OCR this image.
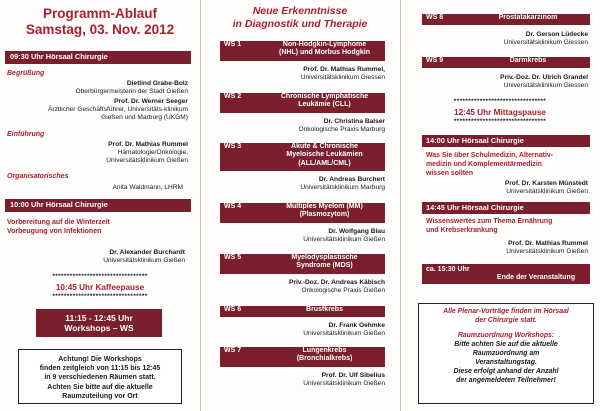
Programm-Ablauf
Samstag, 03. Nov. 2012
09:30 Uhr Hörsaal Chirurgie
Begrüßung
Dietlind Grabe-Bolz
Oberbürgermeisterin der Stadt Gießen
Prof. Dr. Werner Seeger
Ärztlicher Geschäftsführer, Universitäts-klinikum
Gießen und Marburg (UKGM)
Einführung
Prof. Dr. Mathias Rummel
Hämatologie/Onkologie,
Universitätsklinikum Gießen
Organisatorisches
Anita Waldmann, LHRM
10:00 Uhr Hörsaal Chirurgie
Vorbereitung auf die Winterzeit
Vorbeugung von Infektionen
Dr. Alexander Burchardt
Universitätsklinikum Gießen
*********************************
10:45 Uhr Kaffeepause
*********************************
11:15 - 12:45 Uhr
Workshops – WS
Achtung! Die Workshops
finden zeitgleich von 11:15 bis 12:45
in 9 verschiedenen Räumen statt.
Achten Sie bitte auf die aktuelle
Raumzuteilung vor Ort
Neue Erkenntnisse
in Diagnostik und Therapie
WS 1	Non-Hodgkin-Lymphome
(NHL) und Morbus Hodgkin
Prof. Dr. Mathias Rummel,
Universitätsklinikum Giessen
WS 2	Chronische Lymphatische
Leukämie (CLL)
Dr. Christina Balser
Onkologische Praxis Marburg
WS 3	Akute & Chronische
Myeloische Leukämien
(ALL/AML/CML)
Dr. Andreas Burchert
Universitätsklinikum Marburg
WS 4	Multiples Myelom (MM)
(Plasmozytom)
Dr. Wolfgang Blau
Universitätsklinikum Gießen
WS 5	Myelodysplastische
Syndrome (MDS)
Priv.-Doz. Dr. Andreas Käbisch
Onkologische Praxis Gießen
WS 6	Brustkrebs
Dr. Frank Oehmke
Universitätsklinikum Gießen
WS 7	Lungenkrebs
(Bronchialkrebs)
Prof. Dr. Ulf Sibelius
Universitätsklinikum Gießen
WS 8	Prostatakarzinom
Dr. Gerson Lüdecke
Universitätsklinikum Giessen
WS 9	Darmkrebs
Priv.-Doz. Dr. Ulrich Grandel
Universitätsklinikum Giessen
********************************
12:45 Uhr Mittagspause
********************************
14:00 Uhr Hörsaal Chirurgie
Was Sie über Schulmedizin, Alternativ-
medizin und Komplementärmedizin
wissen sollten
Prof. Dr. Karsten Münstedt
Universitätsklinikum Gießen
14:45 Uhr Hörsaal Chirurgie
Wissenswertes zum Thema Ernährung
und Krebserkrankung
Prof. Dr. Mathias Rummel
Universitätsklinikum Gießen
ca. 15:30 Uhr
Ende der Veranstaltung
Alle Plenar-Vorträge finden im Hörsaal
der Chirurgie statt.
Raumzuordnung Workshops:
Bitte achten Sie auf die aktuelle
Raumzuordnung am
Veranstaltungstag.
Diese erfolgt anhand der Anzahl
der angemeldeten Teilnehmer!
